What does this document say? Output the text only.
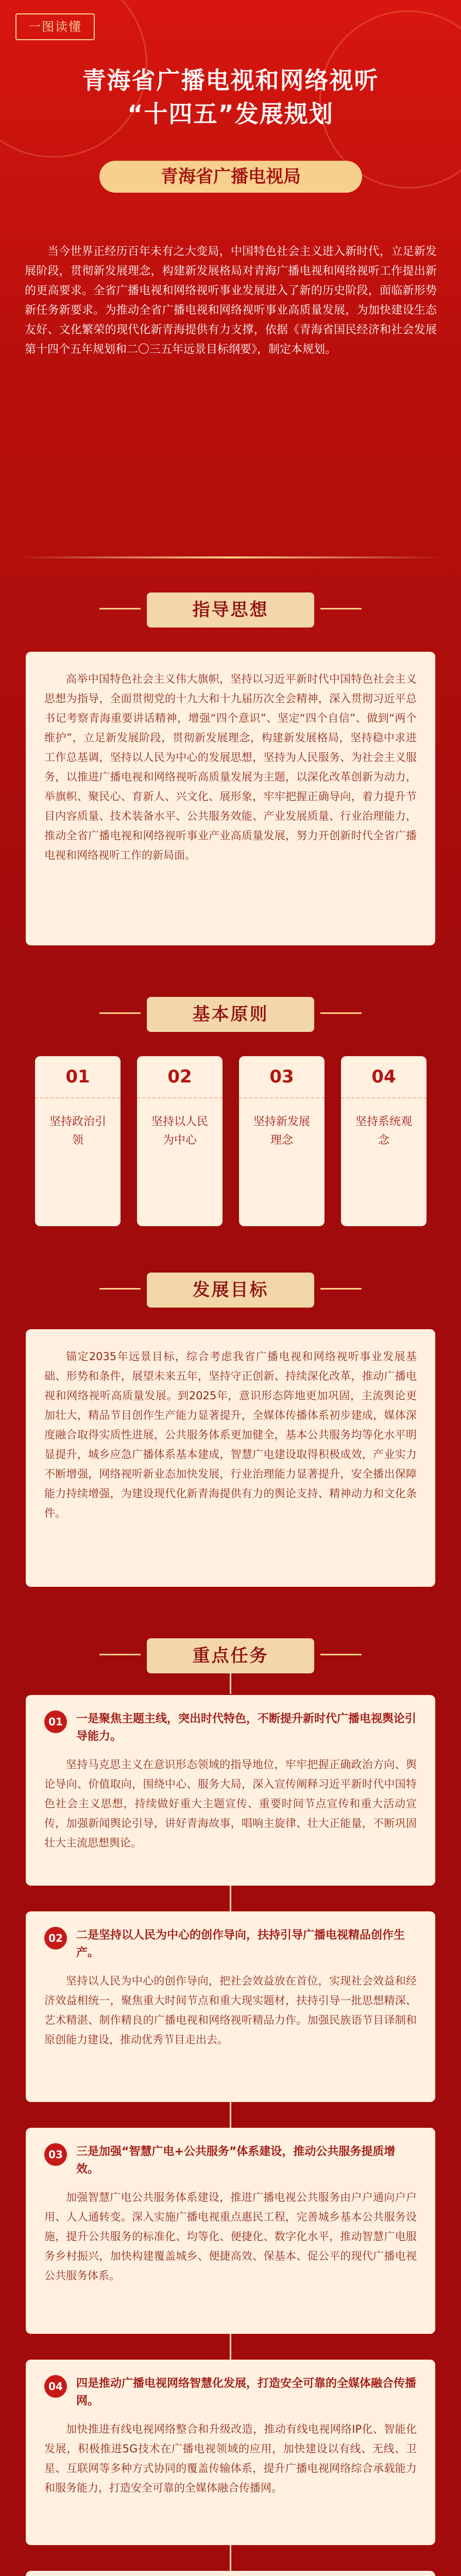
一图读懂
青海省广播电视和网络视听
“十四五”发展规划
青海省广播电视局
当今世界正经历百年未有之大变局，中国特色社会主义进入新时代，立足新发展阶段，贯彻新发展理念，构建新发展格局对青海广播电视和网络视听工作提出新的更高要求。全省广播电视和网络视听事业发展进入了新的历史阶段，面临新形势新任务新要求。为推动全省广播电视和网络视听事业高质量发展，为加快建设生态友好、文化繁荣的现代化新青海提供有力支撑，依据《青海省国民经济和社会发展第十四个五年规划和二〇三五年远景目标纲要》，制定本规划。
指导思想

高举中国特色社会主义伟大旗帜，坚持以习近平新时代中国特色社会主义思想为指导，全面贯彻党的十九大和十九届历次全会精神，深入贯彻习近平总书记考察青海重要讲话精神，增强“四个意识”、坚定“四个自信”、做到“两个维护”，立足新发展阶段，贯彻新发展理念，构建新发展格局，坚持稳中求进工作总基调，坚持以人民为中心的发展思想，坚持为人民服务、为社会主义服务，以推进广播电视和网络视听高质量发展为主题，以深化改革创新为动力，举旗帜、聚民心、育新人、兴文化、展形象，牢牢把握正确导向，着力提升节目内容质量、技术装备水平、公共服务效能、产业发展质量、行业治理能力，推动全省广播电视和网络视听事业产业高质量发展，努力开创新时代全省广播电视和网络视听工作的新局面。

基本原则
01
坚持政治引领
02
坚持以人民为中心
03
坚持新发展理念
04
坚持系统观念
发展目标

锚定2035年远景目标，综合考虑我省广播电视和网络视听事业发展基础、形势和条件，展望未来五年，坚持守正创新、持续深化改革，推动广播电视和网络视听高质量发展。到2025年，意识形态阵地更加巩固，主流舆论更加壮大，精品节目创作生产能力显著提升，全媒体传播体系初步建成，媒体深度融合取得实质性进展，公共服务体系更加健全，基本公共服务均等化水平明显提升，城乡应急广播体系基本建成，智慧广电建设取得积极成效，产业实力不断增强，网络视听新业态加快发展，行业治理能力显著提升，安全播出保障能力持续增强，为建设现代化新青海提供有力的舆论支持、精神动力和文化条件。

重点任务
01	一是聚焦主题主线，突出时代特色，不断提升新时代广播电视舆论引导能力。

坚持马克思主义在意识形态领域的指导地位，牢牢把握正确政治方向、舆论导向、价值取向，围绕中心、服务大局，深入宣传阐释习近平新时代中国特色社会主义思想，持续做好重大主题宣传、重要时间节点宣传和重大活动宣传，加强新闻舆论引导，讲好青海故事，唱响主旋律、壮大正能量，不断巩固壮大主流思想舆论。

02	二是坚持以人民为中心的创作导向，扶持引导广播电视精品创作生产。

坚持以人民为中心的创作导向，把社会效益放在首位，实现社会效益和经济效益相统一，聚焦重大时间节点和重大现实题材，扶持引导一批思想精深、艺术精湛、制作精良的广播电视和网络视听精品力作。加强民族语节目译制和原创能力建设，推动优秀节目走出去。

03	三是加强“智慧广电+公共服务”体系建设，推动公共服务提质增效。

加强智慧广电公共服务体系建设，推进广播电视公共服务由户户通向户户用、人人通转变。深入实施广播电视重点惠民工程，完善城乡基本公共服务设施，提升公共服务的标准化、均等化、便捷化、数字化水平，推动智慧广电服务乡村振兴，加快构建覆盖城乡、便捷高效、保基本、促公平的现代广播电视公共服务体系。

04	四是推动广播电视网络智慧化发展，打造安全可靠的全媒体融合传播网。

加快推进有线电视网络整合和升级改造，推动有线电视网络IP化、智能化发展，积极推进5G技术在广播电视领域的应用，加快建设以有线、无线、卫星、互联网等多种方式协同的覆盖传输体系，提升广播电视网络综合承载能力和服务能力，打造安全可靠的全媒体融合传播网。
